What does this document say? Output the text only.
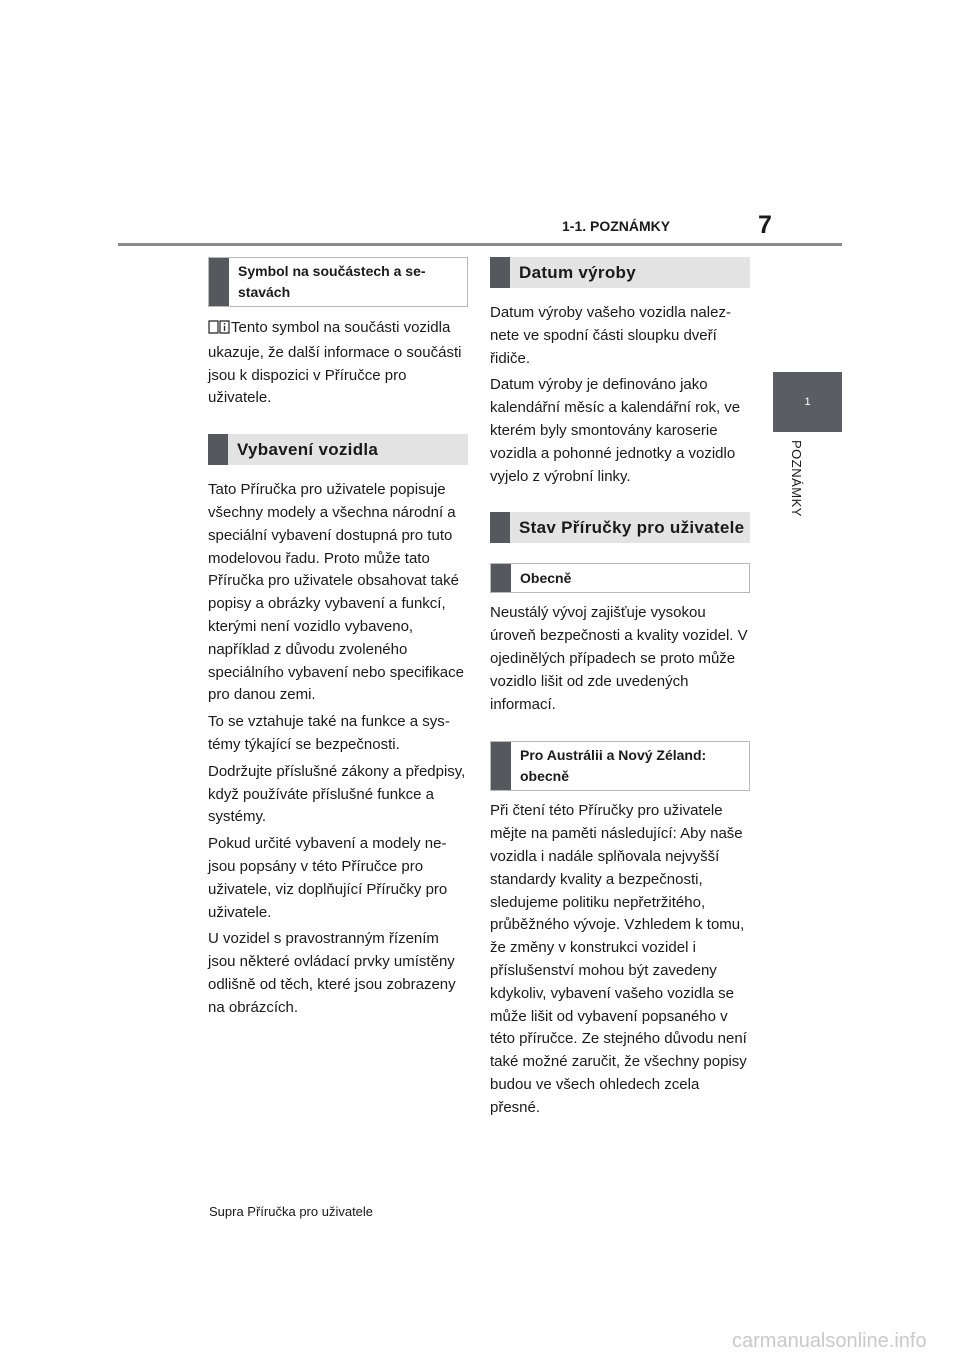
1-1. POZNÁMKY	7
1
POZNÁMKY
Symbol na součástech a sestavách

Tento symbol na součásti vozidla ukazuje, že další informace o součásti jsou k dispozici v Příručce pro uživatele.

Vybavení vozidla

Tato Příručka pro uživatele popisuje všechny modely a všechna národní a speciální vybavení dostupná pro tuto modelovou řadu. Proto může tato Příručka pro uživatele obsahovat také popisy a obrázky vybavení a funkcí, kterými není vozidlo vybaveno, například z důvodu zvoleného speciálního vybavení nebo specifikace pro danou zemi.

To se vztahuje také na funkce a systémy týkající se bezpečnosti.

Dodržujte příslušné zákony a předpisy, když používáte příslušné funkce a systémy.

Pokud určité vybavení a modely nejsou popsány v této Příručce pro uživatele, viz doplňující Příručky pro uživatele.

U vozidel s pravostranným řízením jsou některé ovládací prvky umístěny odlišně od těch, které jsou zobrazeny na obrázcích.

Datum výroby

Datum výroby vašeho vozidla naleznete ve spodní části sloupku dveří řidiče.

Datum výroby je definováno jako kalendářní měsíc a kalendářní rok, ve kterém byly smontovány karoserie vozidla a pohonné jednotky a vozidlo vyjelo z výrobní linky.

Stav Příručky pro uživatele
Obecně

Neustálý vývoj zajišťuje vysokou úroveň bezpečnosti a kvality vozidel. V ojedinělých případech se proto může vozidlo lišit od zde uvedených informací.

Pro Austrálii a Nový Zéland: obecně

Při čtení této Příručky pro uživatele mějte na paměti následující: Aby naše vozidla i nadále splňovala nejvyšší standardy kvality a bezpečnosti, sledujeme politiku nepřetržitého, průběžného vývoje. Vzhledem k tomu, že změny v konstrukci vozidel i příslušenství mohou být zavedeny kdykoliv, vybavení vašeho vozidla se může lišit od vybavení popsaného v této příručce. Ze stejného důvodu není také možné zaručit, že všechny popisy budou ve všech ohledech zcela přesné.

Supra Příručka pro uživatele
carmanualsonline.info
